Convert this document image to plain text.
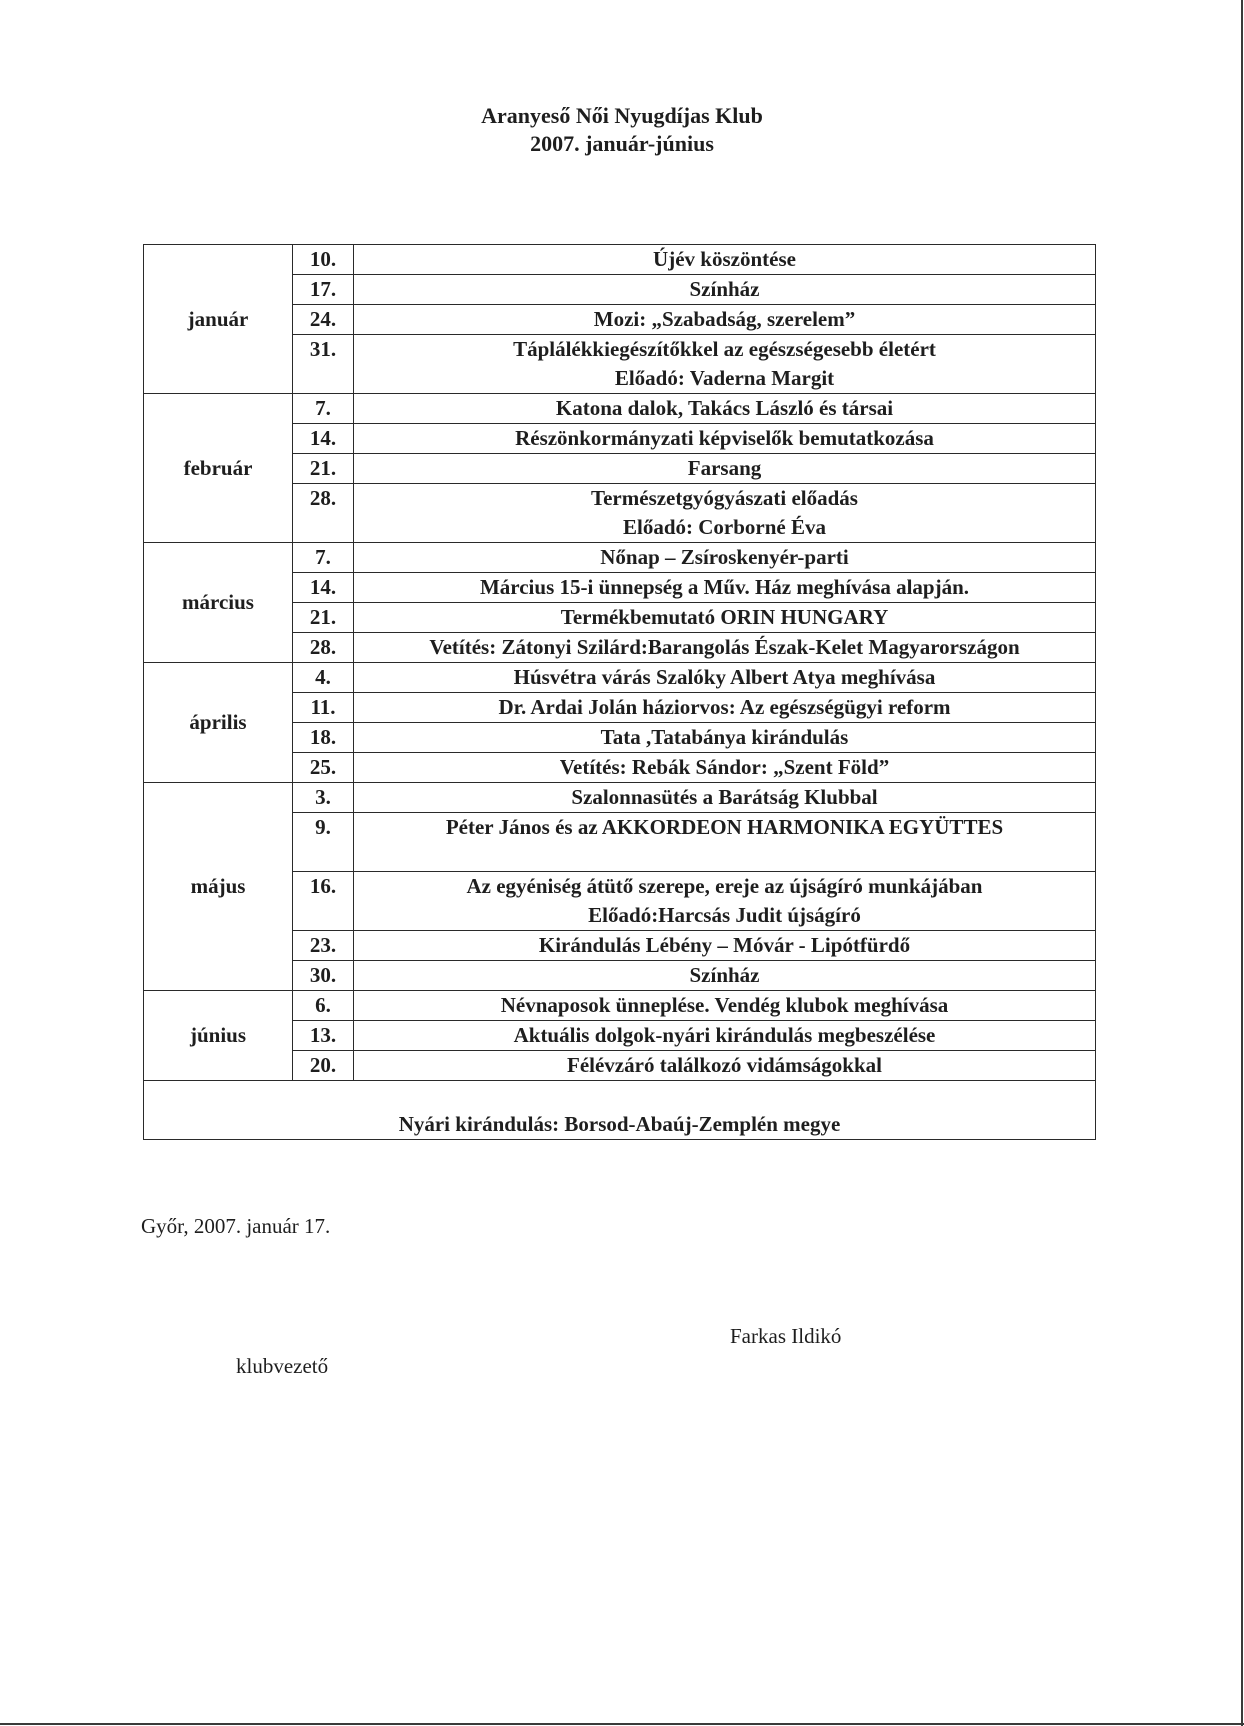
Aranyeső Női Nyugdíjas Klub
2007. január-június
január	10.	Újév köszöntése

	17.	Színház

	24.	Mozi: „Szabadság, szerelem”

	31.	Táplálékkiegészítőkkel az egészségesebb életért
Előadó: Vaderna Margit

február	7.	Katona dalok, Takács László és társai

	14.	Részönkormányzati képviselők bemutatkozása

	21.	Farsang

	28.	Természetgyógyászati előadás
Előadó: Corborné Éva

március	7.	Nőnap – Zsíroskenyér-parti

	14.	Március 15-i ünnepség a Műv. Ház meghívása alapján.

	21.	Termékbemutató ORIN HUNGARY

	28.	Vetítés: Zátonyi Szilárd:Barangolás Észak-Kelet Magyarországon

április	4.	Húsvétra várás Szalóky Albert Atya meghívása

	11.	Dr. Ardai Jolán háziorvos: Az egészségügyi reform

	18.	Tata ,Tatabánya kirándulás

	25.	Vetítés: Rebák Sándor: „Szent Föld”

május	3.	Szalonnasütés a Barátság Klubbal

	9.	Péter János és az AKKORDEON HARMONIKA EGYÜTTES

	16.	Az egyéniség átütő szerepe, ereje az újságíró munkájában
Előadó:Harcsás Judit újságíró

	23.	Kirándulás Lébény – Móvár - Lipótfürdő

	30.	Színház

június	6.	Névnaposok ünneplése. Vendég klubok meghívása

	13.	Aktuális dolgok-nyári kirándulás megbeszélése

	20.	Félévzáró találkozó vidámságokkal

Nyári kirándulás: Borsod-Abaúj-Zemplén megye		
Győr, 2007. január 17.
Farkas Ildikó
klubvezető
